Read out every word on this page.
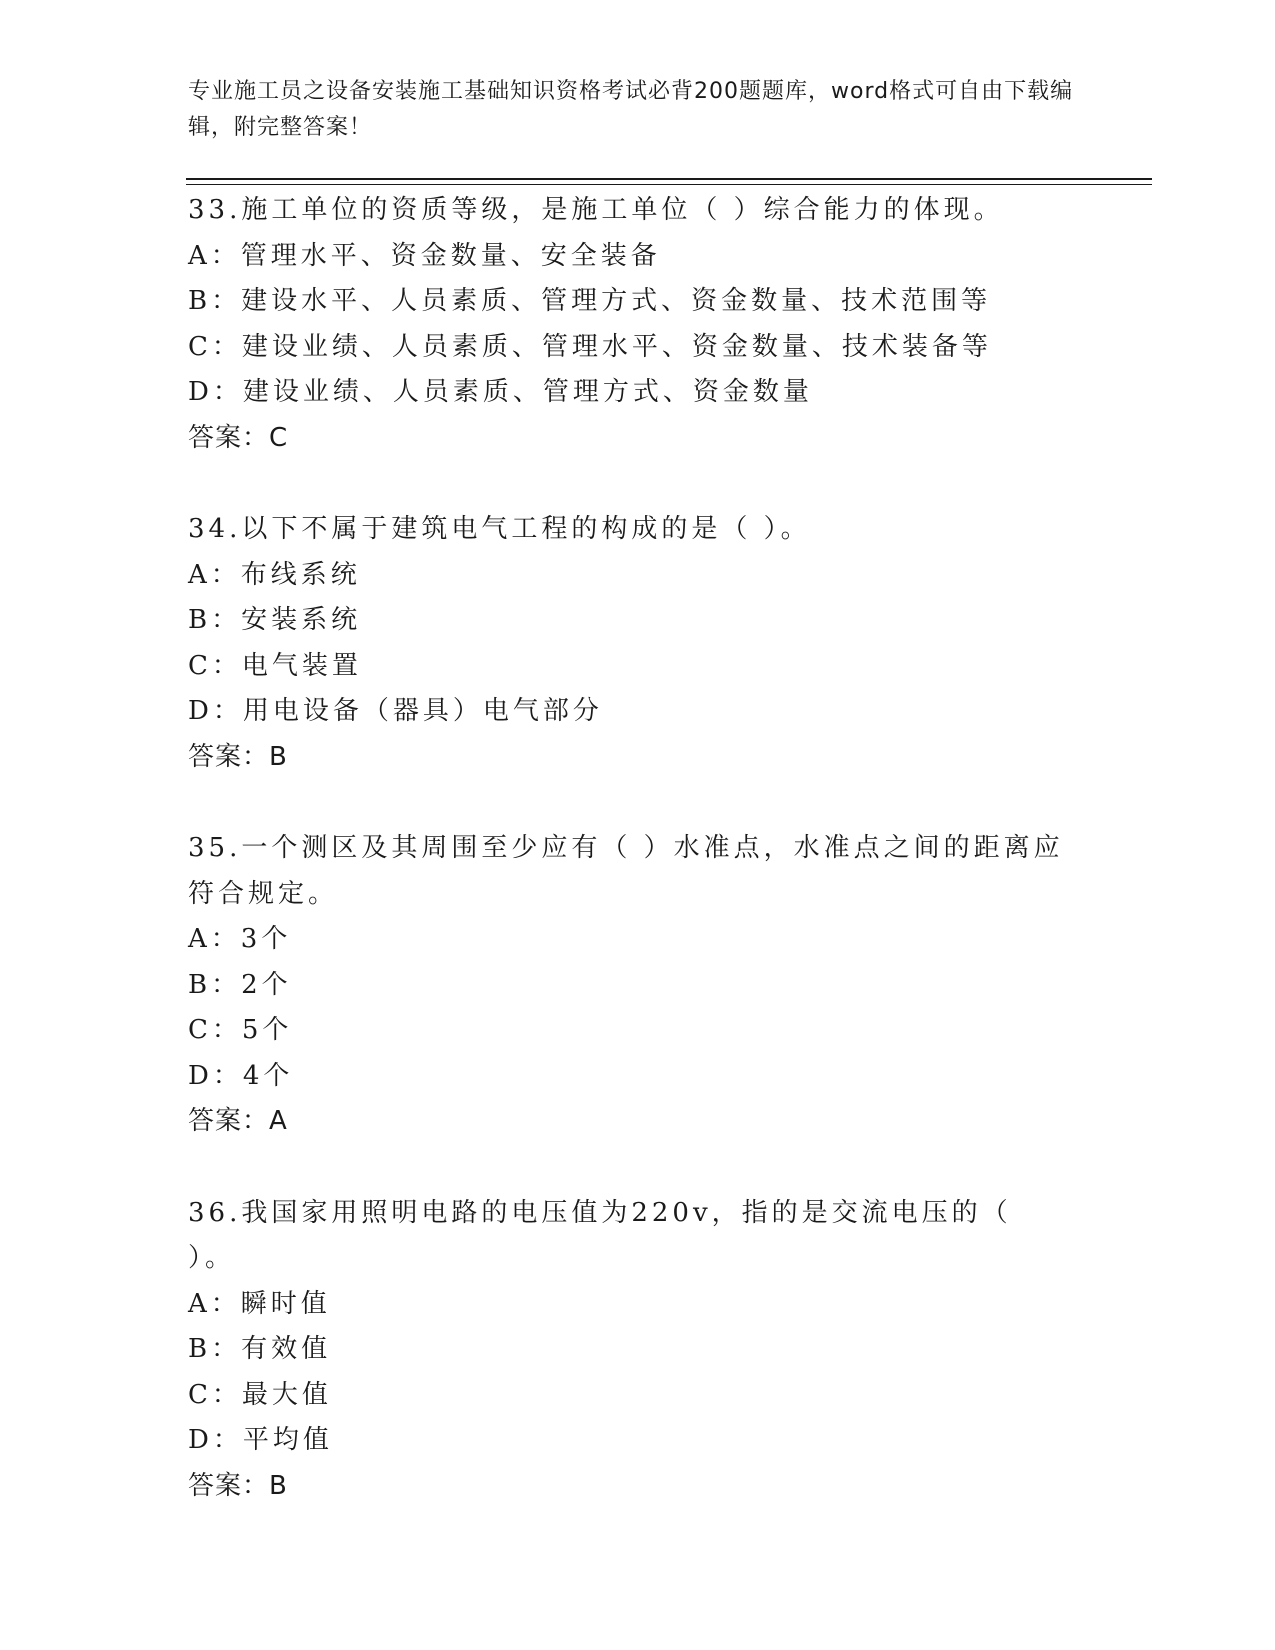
专业施工员之设备安装施工基础知识资格考试必背200题题库，word格式可自由下载编辑，附完整答案！
33.施工单位的资质等级，是施工单位（ ）综合能力的体现。
A：管理水平、资金数量、安全装备
B：建设水平、人员素质、管理方式、资金数量、技术范围等
C：建设业绩、人员素质、管理水平、资金数量、技术装备等
D：建设业绩、人员素质、管理方式、资金数量
答案：C
34.以下不属于建筑电气工程的构成的是（ ）。
A：布线系统
B：安装系统
C：电气装置
D：用电设备（器具）电气部分
答案：B
35.一个测区及其周围至少应有（ ）水准点，水准点之间的距离应符合规定。
A：3个
B：2个
C：5个
D：4个
答案：A
36.我国家用照明电路的电压值为220v，指的是交流电压的（ ）。
A：瞬时值
B：有效值
C：最大值
D：平均值
答案：B
